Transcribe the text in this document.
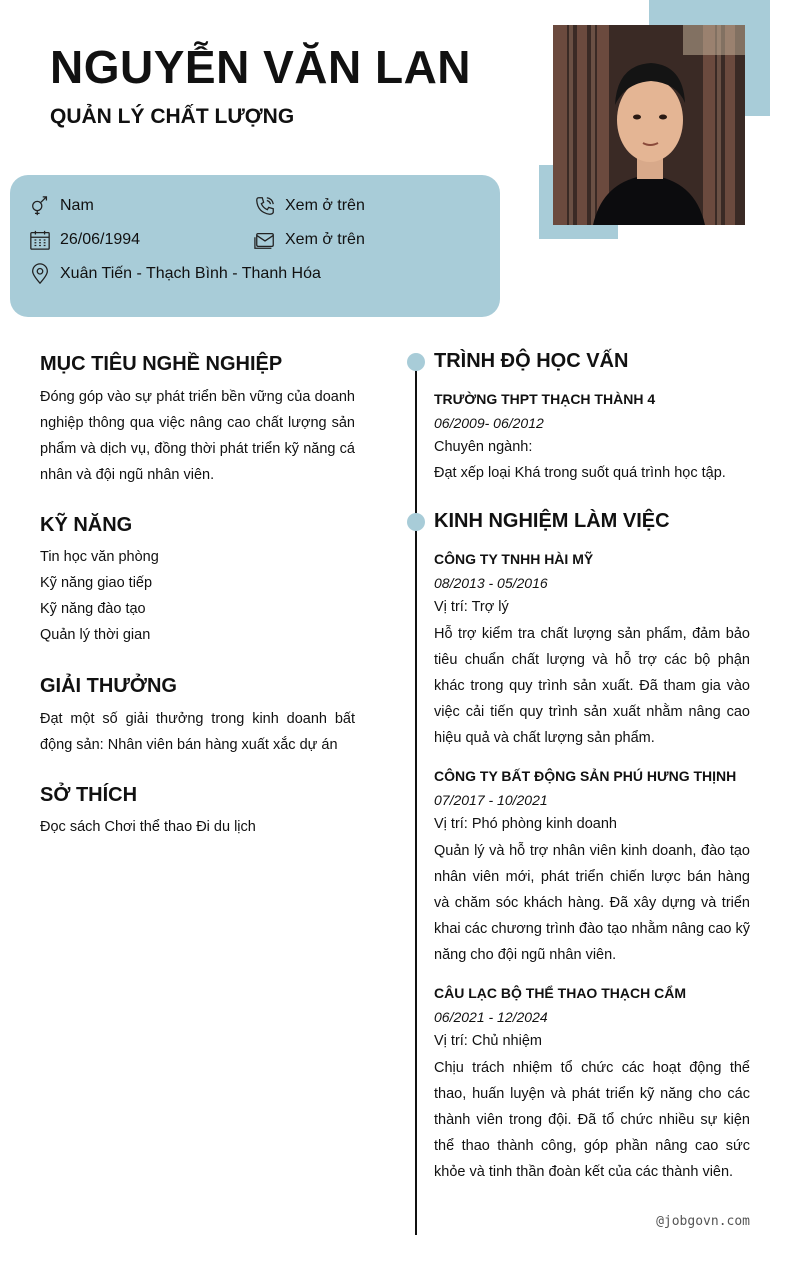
NGUYỄN VĂN LAN
QUẢN LÝ CHẤT LƯỢNG
Nam	Xem ở trên
26/06/1994	Xem ở trên
Xuân Tiến - Thạch Bình - Thanh Hóa
MỤC TIÊU NGHỀ NGHIỆP
Đóng góp vào sự phát triển bền vững của doanh nghiệp thông qua việc nâng cao chất lượng sản phẩm và dịch vụ, đồng thời phát triển kỹ năng cá nhân và đội ngũ nhân viên.
KỸ NĂNG
Tin học văn phòng
Kỹ năng giao tiếp
Kỹ năng đào tạo
Quản lý thời gian
GIẢI THƯỞNG
Đạt một số giải thưởng trong kinh doanh bất động sản: Nhân viên bán hàng xuất xắc dự án
SỞ THÍCH
Đọc sách Chơi thể thao Đi du lịch
TRÌNH ĐỘ HỌC VẤN
TRƯỜNG THPT THẠCH THÀNH 4
06/2009- 06/2012
Chuyên ngành:
Đạt xếp loại Khá trong suốt quá trình học tập.
KINH NGHIỆM LÀM VIỆC
CÔNG TY TNHH HÀI MỸ
08/2013 - 05/2016
Vị trí: Trợ lý
Hỗ trợ kiểm tra chất lượng sản phẩm, đảm bảo tiêu chuẩn chất lượng và hỗ trợ các bộ phận khác trong quy trình sản xuất. Đã tham gia vào việc cải tiến quy trình sản xuất nhằm nâng cao hiệu quả và chất lượng sản phẩm.
CÔNG TY BẤT ĐỘNG SẢN PHÚ HƯNG THỊNH
07/2017 - 10/2021
Vị trí: Phó phòng kinh doanh
Quản lý và hỗ trợ nhân viên kinh doanh, đào tạo nhân viên mới, phát triển chiến lược bán hàng và chăm sóc khách hàng. Đã xây dựng và triển khai các chương trình đào tạo nhằm nâng cao kỹ năng cho đội ngũ nhân viên.
CÂU LẠC BỘ THỂ THAO THẠCH CẨM
06/2021 - 12/2024
Vị trí: Chủ nhiệm
Chịu trách nhiệm tổ chức các hoạt động thể thao, huấn luyện và phát triển kỹ năng cho các thành viên trong đội. Đã tổ chức nhiều sự kiện thể thao thành công, góp phần nâng cao sức khỏe và tinh thần đoàn kết của các thành viên.
@jobgovn.com
